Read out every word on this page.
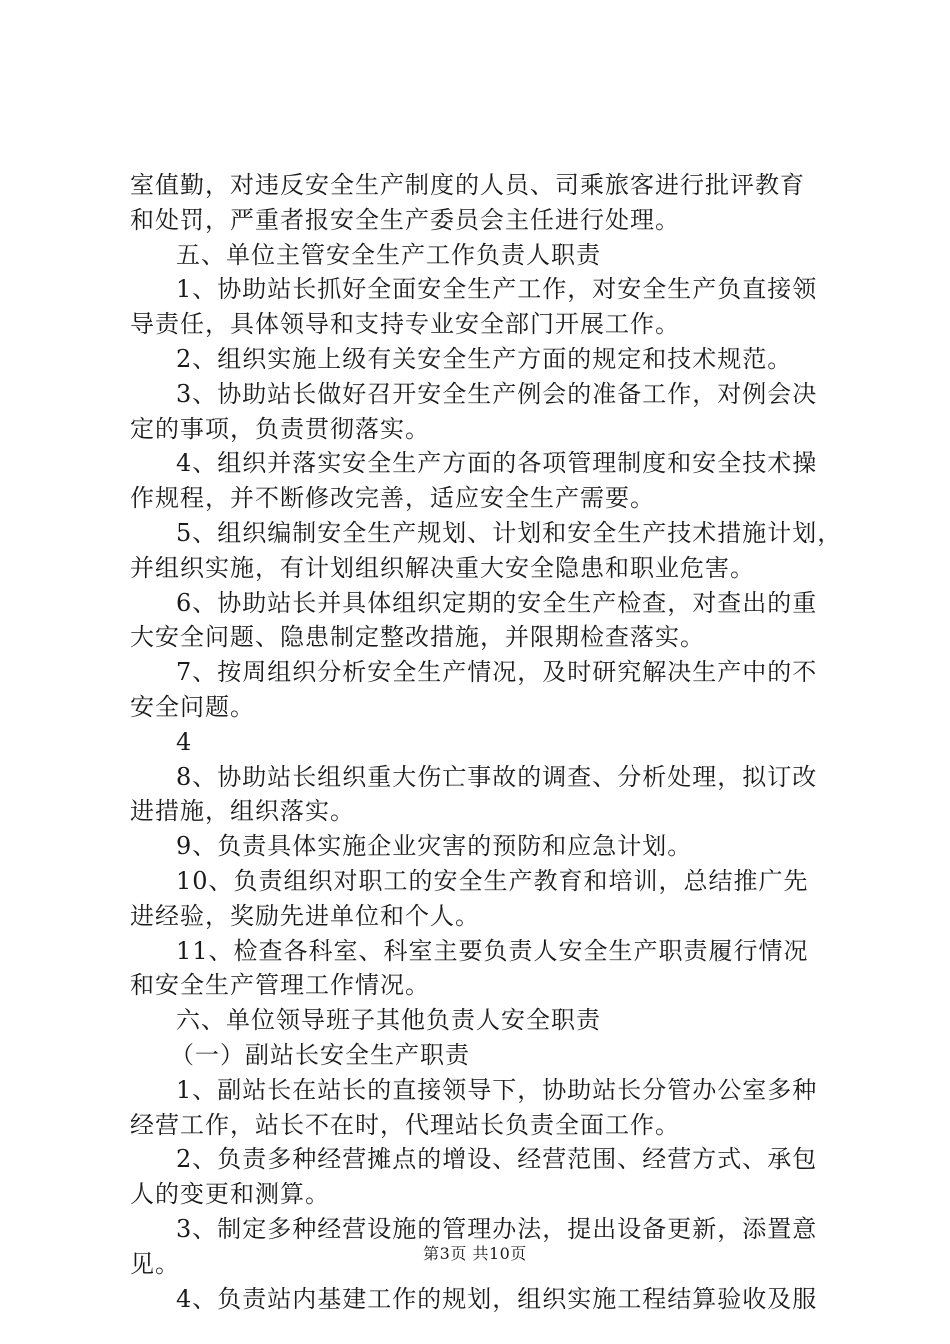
室值勤，对违反安全生产制度的人员、司乘旅客进行批评教育
和处罚，严重者报安全生产委员会主任进行处理。
五、单位主管安全生产工作负责人职责
1、协助站长抓好全面安全生产工作，对安全生产负直接领
导责任，具体领导和支持专业安全部门开展工作。
2、组织实施上级有关安全生产方面的规定和技术规范。
3、协助站长做好召开安全生产例会的准备工作，对例会决
定的事项，负责贯彻落实。
4、组织并落实安全生产方面的各项管理制度和安全技术操
作规程，并不断修改完善，适应安全生产需要。
5、组织编制安全生产规划、计划和安全生产技术措施计划，
并组织实施，有计划组织解决重大安全隐患和职业危害。
6、协助站长并具体组织定期的安全生产检查，对查出的重
大安全问题、隐患制定整改措施，并限期检查落实。
7、按周组织分析安全生产情况，及时研究解决生产中的不
安全问题。
4
8、协助站长组织重大伤亡事故的调查、分析处理，拟订改
进措施，组织落实。
9、负责具体实施企业灾害的预防和应急计划。
10、负责组织对职工的安全生产教育和培训，总结推广先
进经验，奖励先进单位和个人。
11、检查各科室、科室主要负责人安全生产职责履行情况
和安全生产管理工作情况。
六、单位领导班子其他负责人安全职责
（一）副站长安全生产职责
1、副站长在站长的直接领导下，协助站长分管办公室多种
经营工作，站长不在时，代理站长负责全面工作。
2、负责多种经营摊点的增设、经营范围、经营方式、承包
人的变更和测算。
3、制定多种经营设施的管理办法，提出设备更新，添置意
见。
4、负责站内基建工作的规划，组织实施工程结算验收及服
第3页 共10页
